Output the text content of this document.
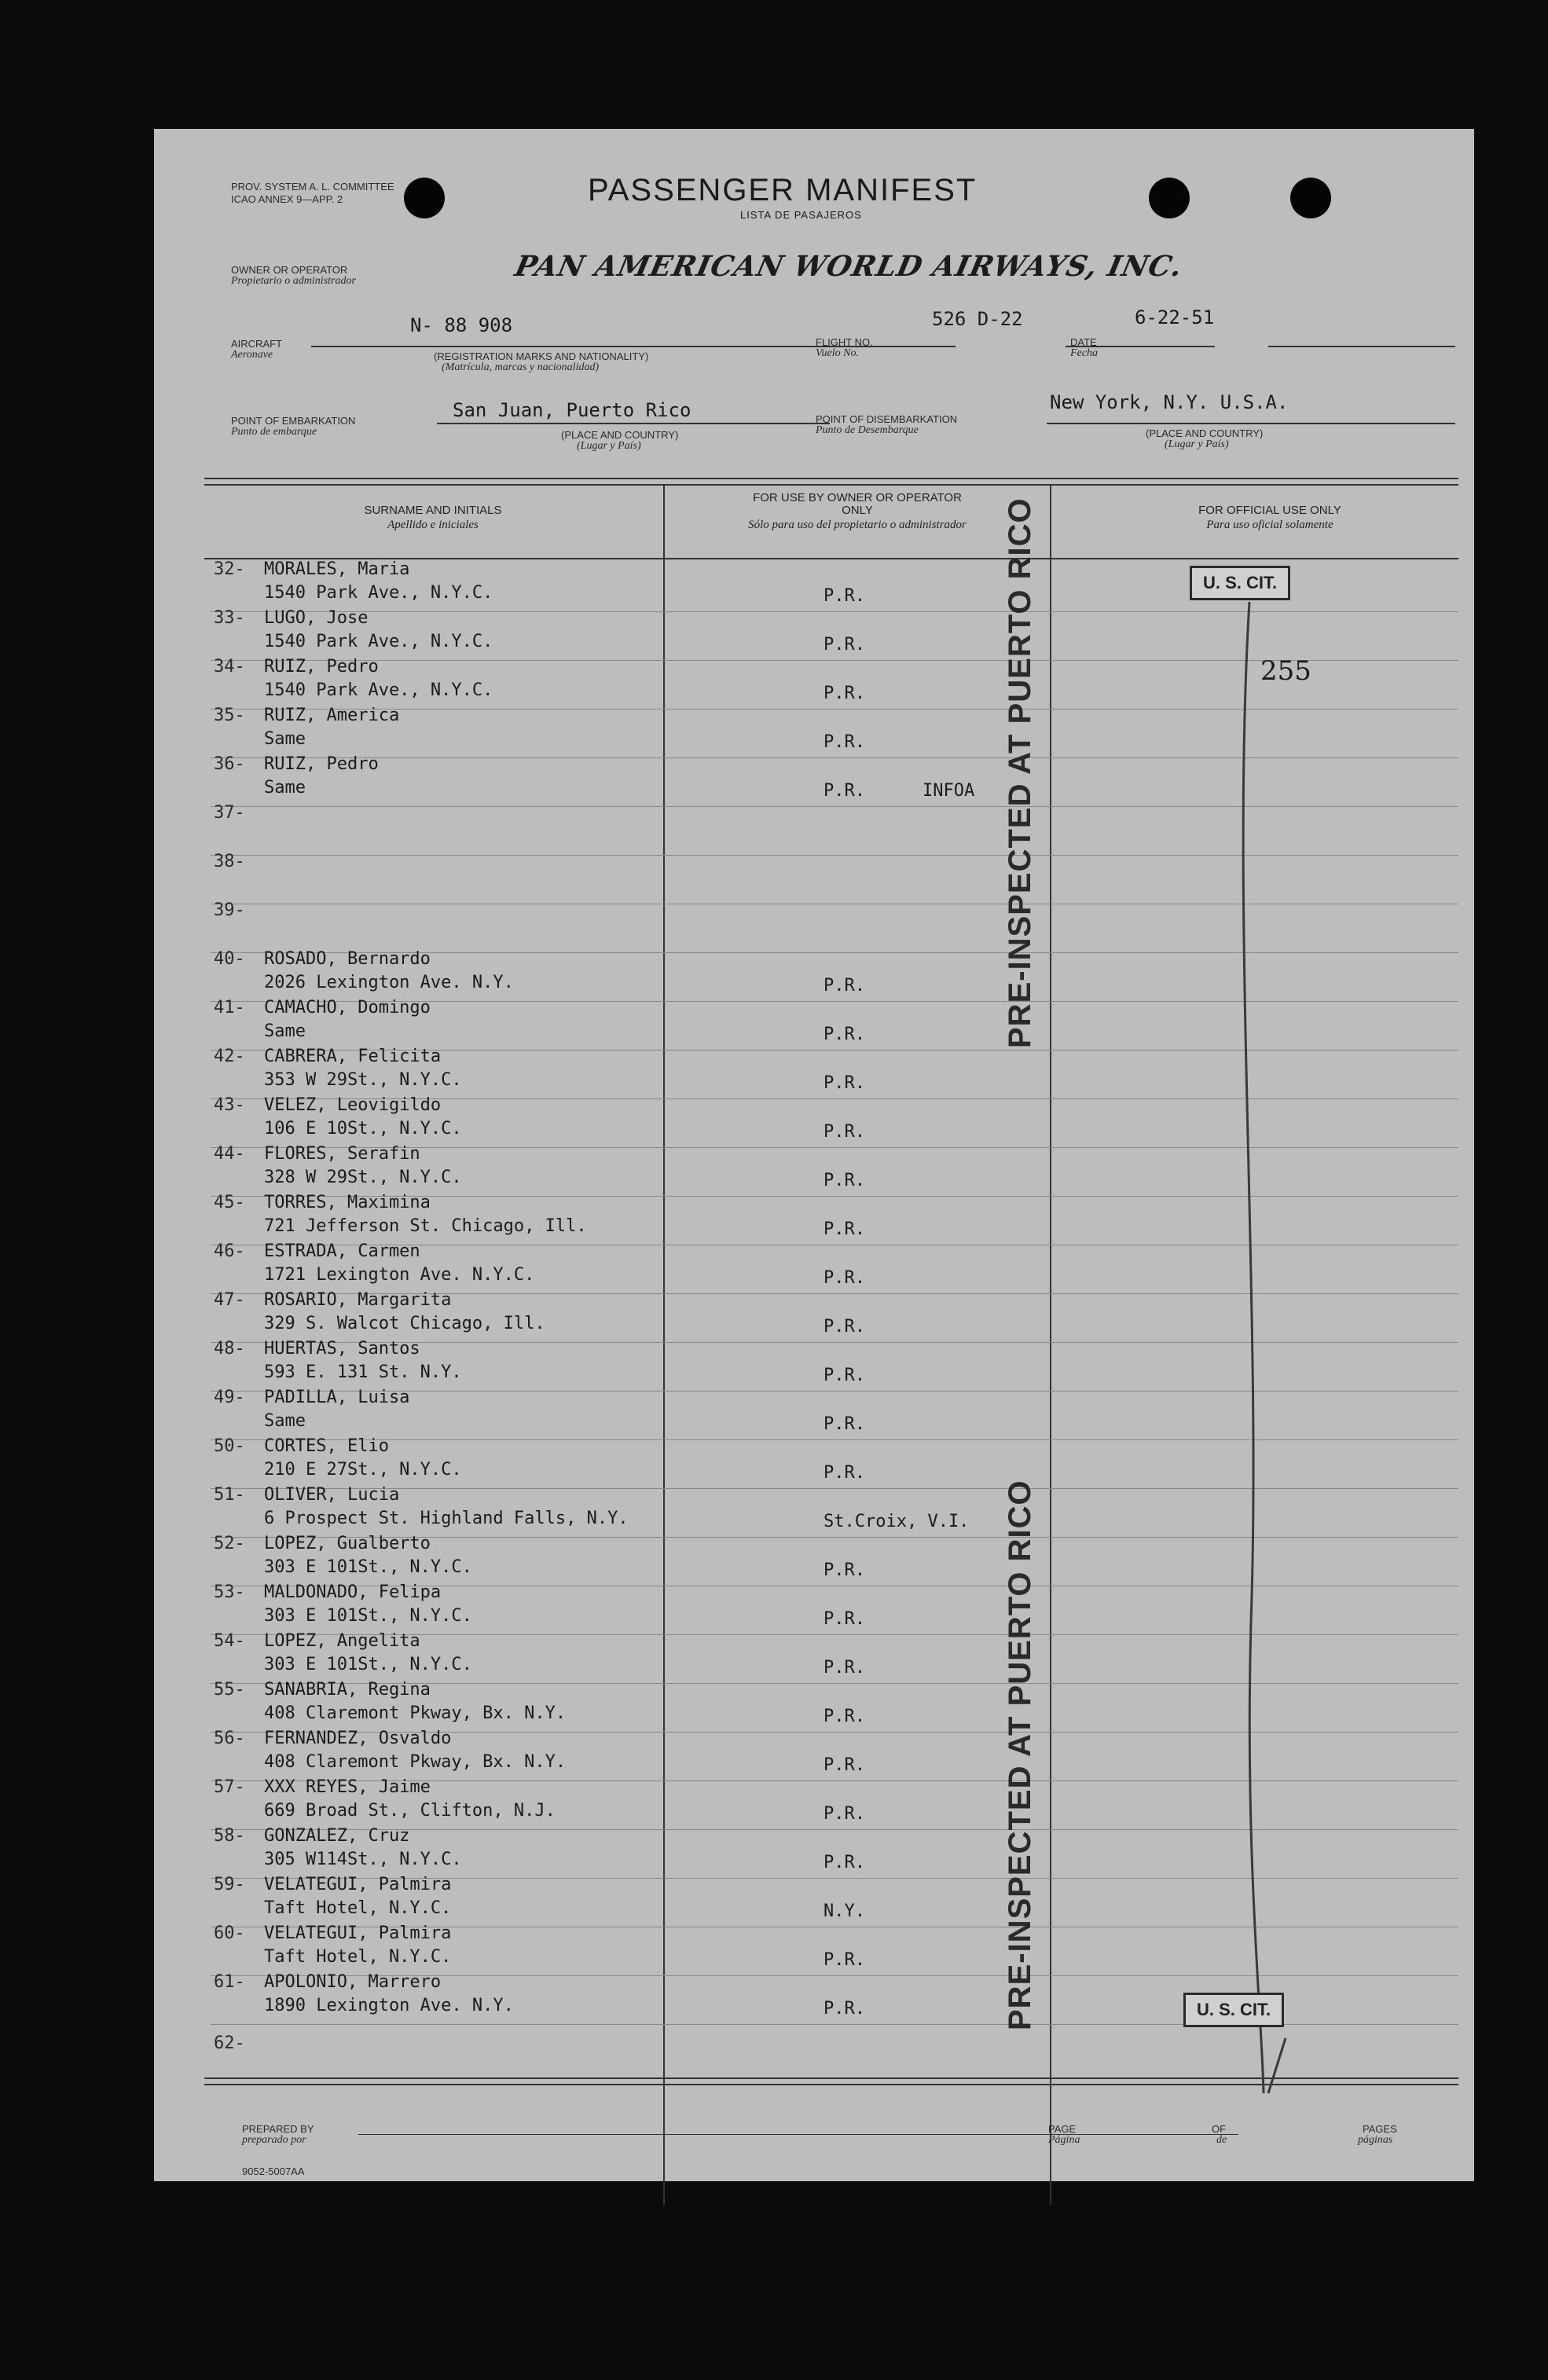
PROV. SYSTEM A. L. COMMITTEE
ICAO ANNEX 9—APP. 2	PASSENGER MANIFEST
LISTA DE PASAJEROS
OWNER OR OPERATOR
Propietario o administrador	PAN AMERICAN WORLD AIRWAYS, INC.
AIRCRAFT
Aeronave
N- 88 908
(REGISTRATION MARKS AND NATIONALITY)
(Matrícula, marcas y nacionalidad)
FLIGHT NO.
Vuelo No.
526 D-22
DATE
Fecha
6-22-51
POINT OF EMBARKATION
Punto de embarque
San Juan, Puerto Rico
(PLACE AND COUNTRY)
(Lugar y País)
POINT OF DISEMBARKATION
Punto de Desembarque
New York, N.Y. U.S.A.
(PLACE AND COUNTRY)
(Lugar y País)
SURNAME AND INITIALS
Apellido e iniciales
FOR USE BY OWNER OR OPERATOR ONLY
Sólo para uso del propietario o administrador
FOR OFFICIAL USE ONLY
Para uso oficial solamente
32- MORALES, Maria
1540 Park Ave., N.Y.C.	P.R.
33- LUGO, Jose
1540 Park Ave., N.Y.C.	P.R.
34- RUIZ, Pedro
1540 Park Ave., N.Y.C.	P.R.
35- RUIZ, America
Same	P.R.
36- RUIZ, Pedro
Same	P.R.	INFOA
37-
38-
39-
40- ROSADO, Bernardo
2026 Lexington Ave. N.Y.	P.R.
41- CAMACHO, Domingo
Same	P.R.
42- CABRERA, Felicita
353 W 29St., N.Y.C.	P.R.
43- VELEZ, Leovigildo
106 E 10St., N.Y.C.	P.R.
44- FLORES, Serafin
328 W 29St., N.Y.C.	P.R.
45- TORRES, Maximina
721 Jefferson St. Chicago, Ill.	P.R.
46- ESTRADA, Carmen
1721 Lexington Ave. N.Y.C.	P.R.
47- ROSARIO, Margarita
329 S. Walcot Chicago, Ill.	P.R.
48- HUERTAS, Santos
593 E. 131 St. N.Y.	P.R.
49- PADILLA, Luisa
Same	P.R.
50- CORTES, Elio
210 E 27St., N.Y.C.	P.R.
51- OLIVER, Lucia
6 Prospect St. Highland Falls, N.Y.	St.Croix, V.I.
52- LOPEZ, Gualberto
303 E 101St., N.Y.C.	P.R.
53- MALDONADO, Felipa
303 E 101St., N.Y.C.	P.R.
54- LOPEZ, Angelita
303 E 101St., N.Y.C.	P.R.
55- SANABRIA, Regina
408 Claremont Pkway, Bx. N.Y.	P.R.
56- FERNANDEZ, Osvaldo
408 Claremont Pkway, Bx. N.Y.	P.R.
57- XXX REYES, Jaime
669 Broad St., Clifton, N.J.	P.R.
58- GONZALEZ, Cruz
305 W114St., N.Y.C.	P.R.
59- VELATEGUI, Palmira
Taft Hotel, N.Y.C.	N.Y.
60- VELATEGUI, Palmira
Taft Hotel, N.Y.C.	P.R.
61- APOLONIO, Marrero
1890 Lexington Ave. N.Y.	P.R.
62-
PRE-INSPECTED AT PUERTO RICO
PRE-INSPECTED AT PUERTO RICO
U. S. CIT.
255
U. S. CIT.
PREPARED BY
preparado por
PAGE
Página
OF
de
PAGES
páginas
9052-5007AA
